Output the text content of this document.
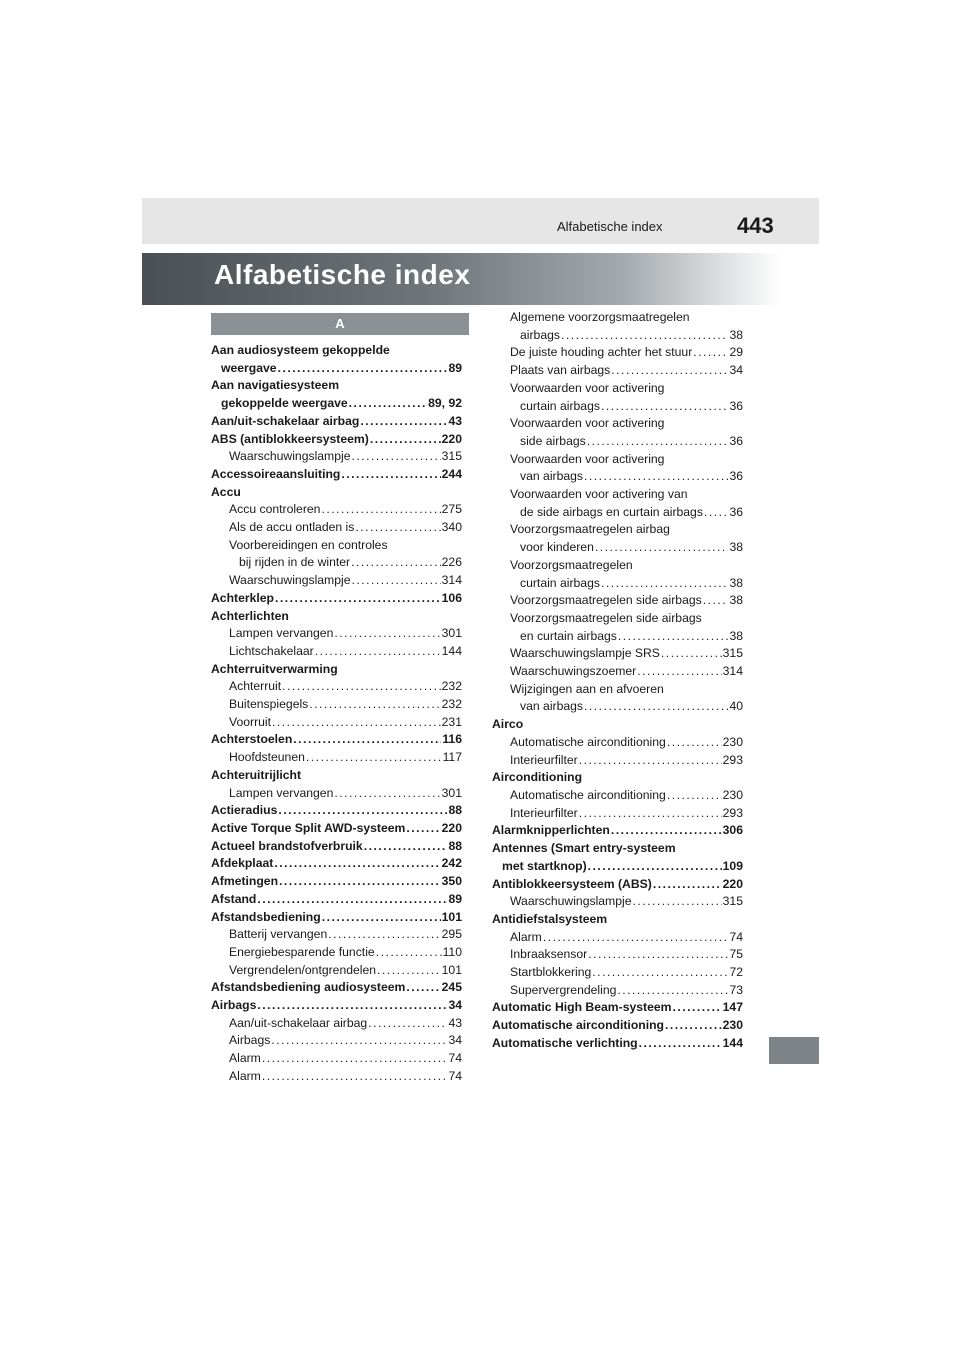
Alfabetische index	443
Alfabetische index
A
Aan audiosysteem gekoppelde
weergave .....	89
Aan navigatiesysteem
gekoppelde weergave .....	89, 92
Aan/uit-schakelaar airbag .....	43
ABS (antiblokkeersysteem) .....	220
Waarschuwingslampje .....	315
Accessoireaansluiting .....	244
Accu
Accu controleren .....	275
Als de accu ontladen is .....	340
Voorbereidingen en controles
bij rijden in de winter .....	226
Waarschuwingslampje .....	314
Achterklep .....	106
Achterlichten
Lampen vervangen .....	301
Lichtschakelaar .....	144
Achterruitverwarming
Achterruit .....	232
Buitenspiegels .....	232
Voorruit .....	231
Achterstoelen .....	116
Hoofdsteunen .....	117
Achteruitrijlicht
Lampen vervangen .....	301
Actieradius .....	88
Active Torque Split AWD-systeem .....	220
Actueel brandstofverbruik .....	88
Afdekplaat .....	242
Afmetingen .....	350
Afstand .....	89
Afstandsbediening .....	101
Batterij vervangen .....	295
Energiebesparende functie .....	110
Vergrendelen/ontgrendelen .....	101
Afstandsbediening audiosysteem .....	245
Airbags .....	34
Aan/uit-schakelaar airbag .....	43
Airbags .....	34
Alarm .....	74
Alarm .....	74
Algemene voorzorgsmaatregelen
airbags .....	38
De juiste houding achter het stuur .....	29
Plaats van airbags .....	34
Voorwaarden voor activering
curtain airbags .....	36
Voorwaarden voor activering
side airbags .....	36
Voorwaarden voor activering
van airbags .....	36
Voorwaarden voor activering van
de side airbags en curtain airbags ..... 36
Voorzorgsmaatregelen airbag
voor kinderen .....	38
Voorzorgsmaatregelen
curtain airbags .....	38
Voorzorgsmaatregelen side airbags ..... 38
Voorzorgsmaatregelen side airbags
en curtain airbags .....	38
Waarschuwingslampje SRS .....	315
Waarschuwingszoemer .....	314
Wijzigingen aan en afvoeren
van airbags .....	40
Airco
Automatische airconditioning .....	230
Interieurfilter .....	293
Airconditioning
Automatische airconditioning .....	230
Interieurfilter .....	293
Alarmknipperlichten .....	306
Antennes (Smart entry-systeem
met startknop) .....	109
Antiblokkeersysteem (ABS) .....	220
Waarschuwingslampje .....	315
Antidiefstalsysteem
Alarm .....	74
Inbraaksensor .....	75
Startblokkering .....	72
Supervergrendeling .....	73
Automatic High Beam-systeem .....	147
Automatische airconditioning .....	230
Automatische verlichting .....	144
